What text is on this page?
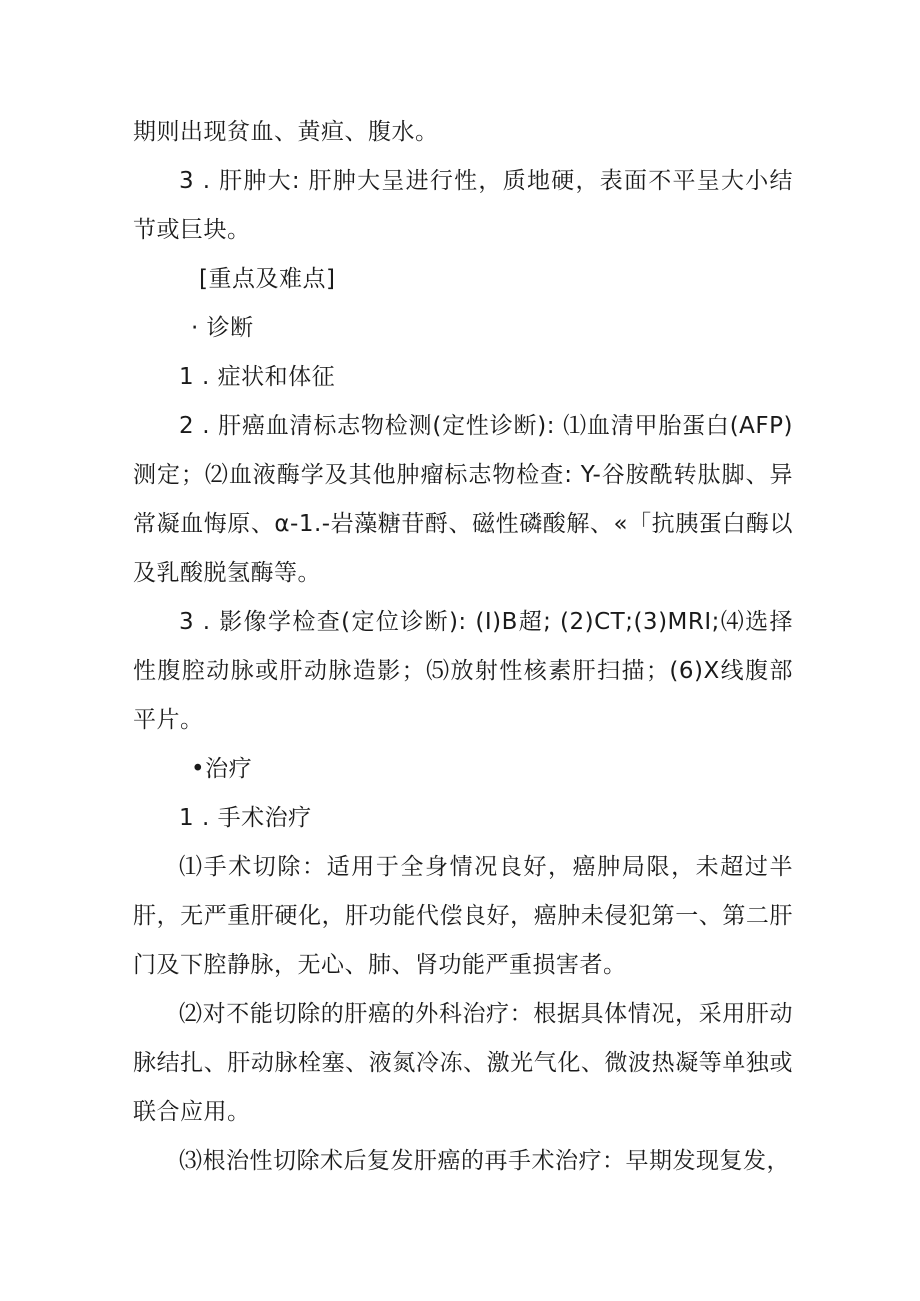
期则出现贫血、黄疸、腹水。

3 . 肝肿大: 肝肿大呈进行性，质地硬，表面不平呈大小结节或巨块。

[重点及难点]

· 诊断

1 . 症状和体征

2 . 肝癌血清标志物检测(定性诊断): ⑴血清甲胎蛋白(AFP)测定；⑵血液酶学及其他肿瘤标志物检查: Y-谷胺酰转肽脚、异常凝血悔原、α-1.-岩藻糖苷酹、磁性磷酸解、«「抗胰蛋白酶以及乳酸脱氢酶等。

3 . 影像学检查(定位诊断): (I)B超; (2)CT;(3)MRI;⑷选择性腹腔动脉或肝动脉造影；⑸放射性核素肝扫描；(6)X线腹部平片。

•治疗

1 . 手术治疗

⑴手术切除：适用于全身情况良好，癌肿局限，未超过半肝，无严重肝硬化，肝功能代偿良好，癌肿未侵犯第一、第二肝门及下腔静脉，无心、肺、肾功能严重损害者。

⑵对不能切除的肝癌的外科治疗：根据具体情况，采用肝动脉结扎、肝动脉栓塞、液氮冷冻、激光气化、微波热凝等单独或联合应用。

⑶根治性切除术后复发肝癌的再手术治疗：早期发现复发，
